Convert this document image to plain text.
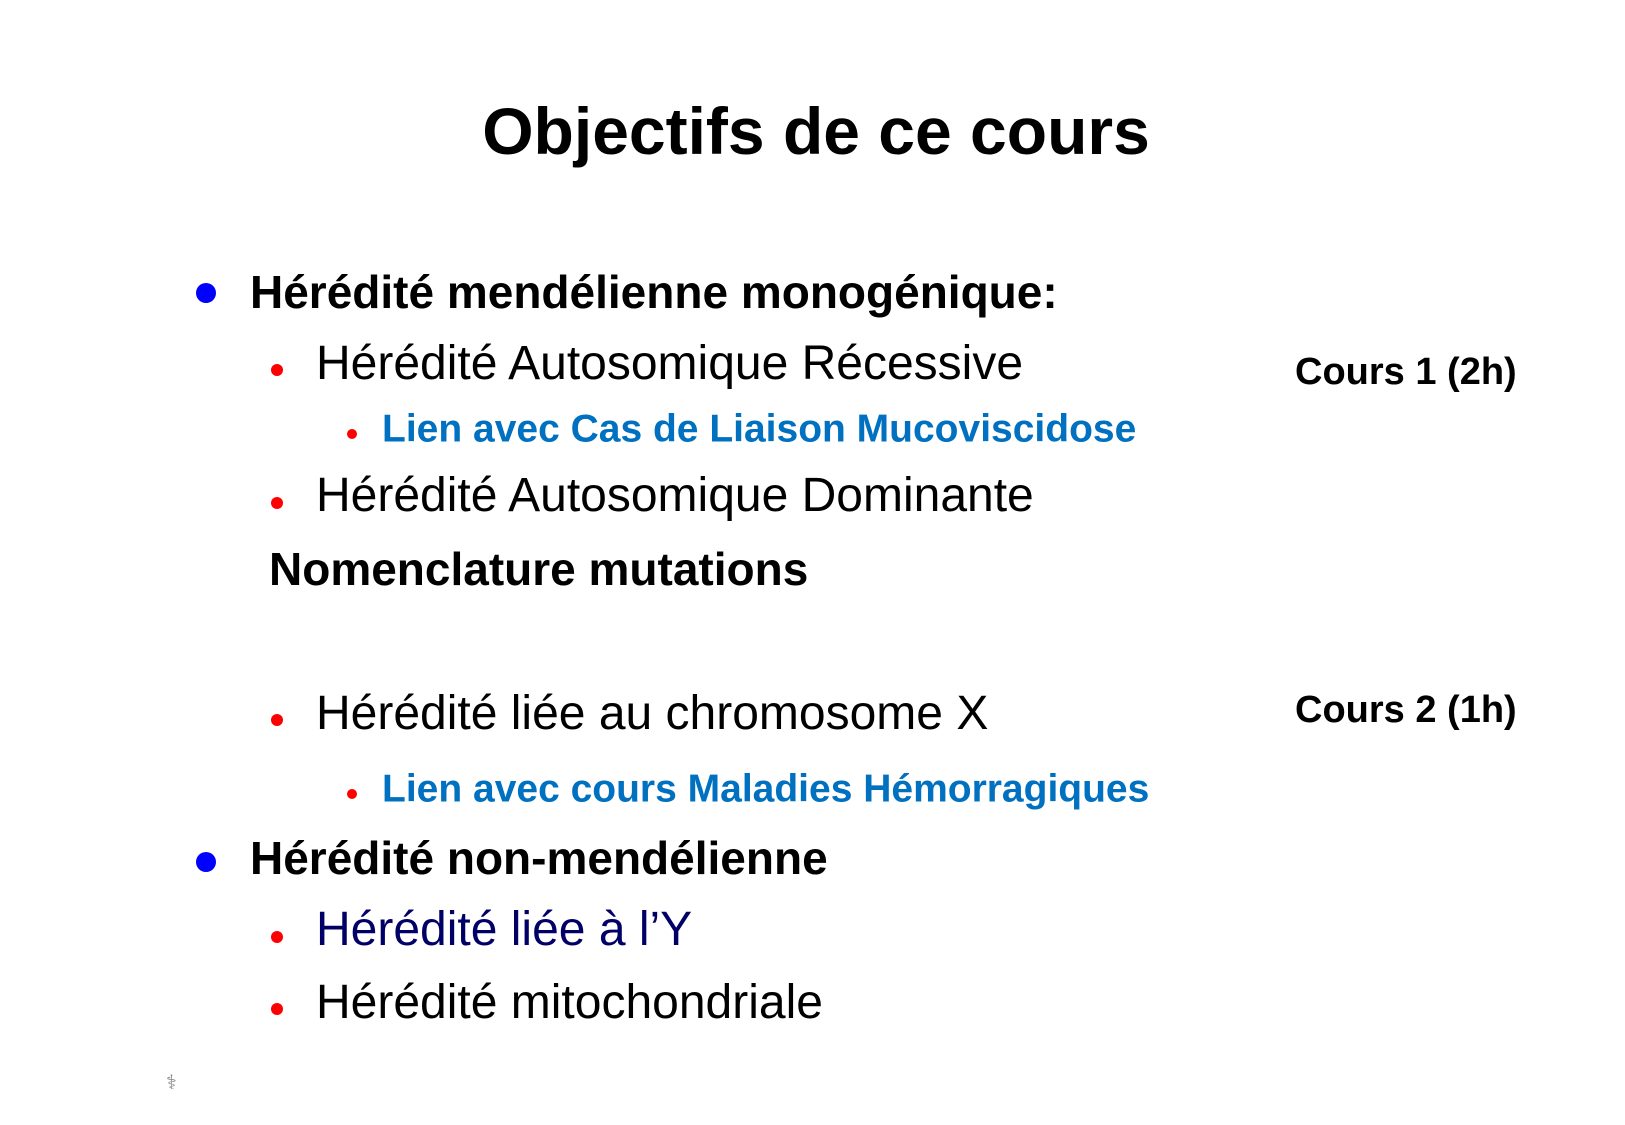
Objectifs de ce cours
Hérédité mendélienne monogénique:
Hérédité Autosomique Récessive	Cours 1 (2h)
Lien avec Cas de Liaison Mucoviscidose
Hérédité Autosomique Dominante
Nomenclature mutations
Hérédité liée au chromosome X	Cours 2 (1h)
Lien avec cours Maladies Hémorragiques
Hérédité non-mendélienne
Hérédité liée à l’Y
Hérédité mitochondriale
⚕
